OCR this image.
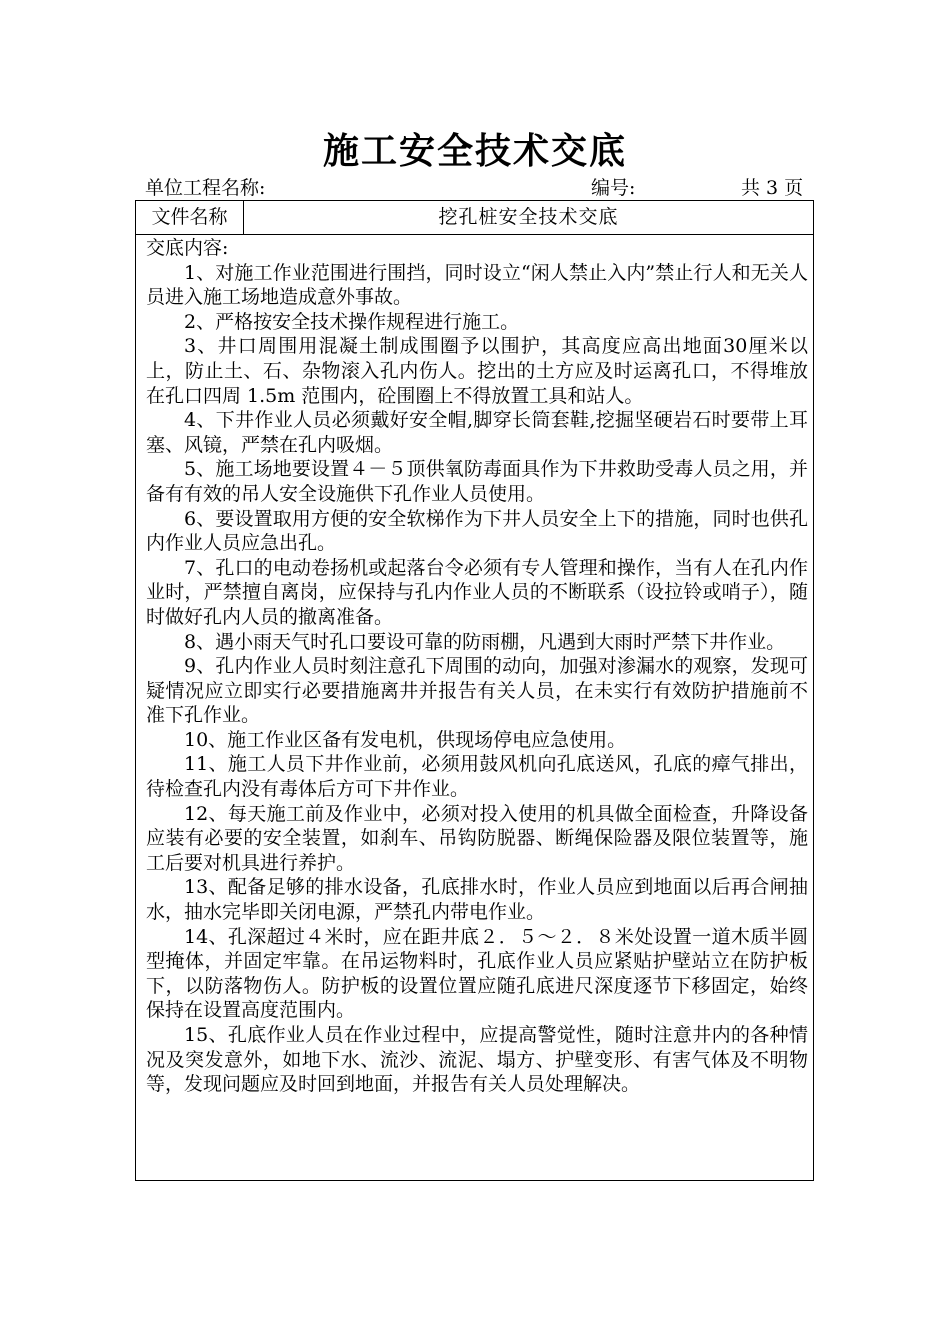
施工安全技术交底
单位工程名称:	编号:	共 3 页
文件名称	挖孔桩安全技术交底

交底内容:

1、对施工作业范围进行围挡，同时设立“闲人禁止入内”禁止行人和无关人员进入施工场地造成意外事故。

2、严格按安全技术操作规程进行施工。

3、井口周围用混凝土制成围圈予以围护，其高度应高出地面30厘米以上，防止土、石、杂物滚入孔内伤人。挖出的土方应及时运离孔口，不得堆放在孔口四周 1.5m 范围内，砼围圈上不得放置工具和站人。

4、下井作业人员必须戴好安全帽,脚穿长筒套鞋,挖掘坚硬岩石时要带上耳塞、风镜，严禁在孔内吸烟。

5、施工场地要设置４－５顶供氧防毒面具作为下井救助受毒人员之用，并备有有效的吊人安全设施供下孔作业人员使用。

6、要设置取用方便的安全软梯作为下井人员安全上下的措施，同时也供孔内作业人员应急出孔。

7、孔口的电动卷扬机或起落台令必须有专人管理和操作，当有人在孔内作业时，严禁擅自离岗，应保持与孔内作业人员的不断联系（设拉铃或哨子），随时做好孔内人员的撤离准备。

8、遇小雨天气时孔口要设可靠的防雨棚，凡遇到大雨时严禁下井作业。

9、孔内作业人员时刻注意孔下周围的动向，加强对渗漏水的观察，发现可疑情况应立即实行必要措施离井并报告有关人员，在未实行有效防护措施前不准下孔作业。

10、施工作业区备有发电机，供现场停电应急使用。

11、施工人员下井作业前，必须用鼓风机向孔底送风，孔底的瘴气排出，待检查孔内没有毒体后方可下井作业。

12、每天施工前及作业中，必须对投入使用的机具做全面检查，升降设备应装有必要的安全装置，如刹车、吊钩防脱器、断绳保险器及限位装置等，施工后要对机具进行养护。

13、配备足够的排水设备，孔底排水时，作业人员应到地面以后再合闸抽水，抽水完毕即关闭电源，严禁孔内带电作业。

14、孔深超过４米时，应在距井底２．５～２．８米处设置一道木质半圆型掩体，并固定牢靠。在吊运物料时，孔底作业人员应紧贴护壁站立在防护板下，以防落物伤人。防护板的设置位置应随孔底进尺深度逐节下移固定，始终保持在设置高度范围内。

15、孔底作业人员在作业过程中，应提高警觉性，随时注意井内的各种情况及突发意外，如地下水、流沙、流泥、塌方、护壁变形、有害气体及不明物等，发现问题应及时回到地面，并报告有关人员处理解决。
